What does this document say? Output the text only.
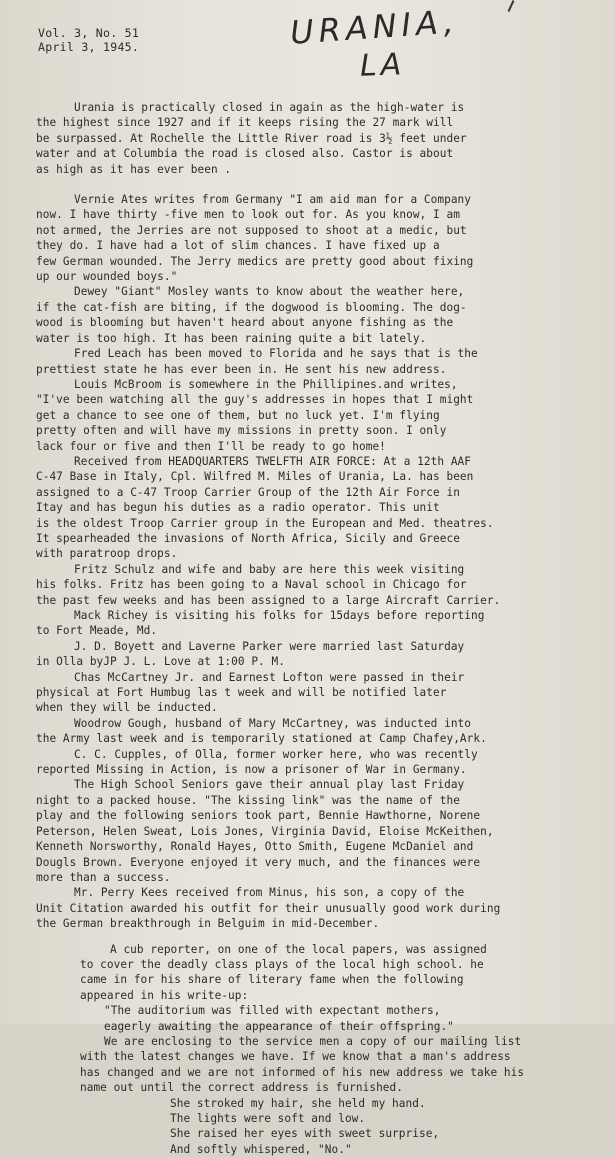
Vol. 3, No. 51
April 3, 1945.	URANIA,
LA

Urania is practically closed in again as the high-water is

the highest since 1927 and if it keeps rising the 27 mark will

be surpassed. At Rochelle the Little River road is 3½ feet under

water and at Columbia the road is closed also. Castor is about

as high as it has ever been .

Vernie Ates writes from Germany "I am aid man for a Company

now. I have thirty -five men to look out for. As you know, I am

not armed, the Jerries are not supposed to shoot at a medic, but

they do. I have had a lot of slim chances. I have fixed up a

few German wounded. The Jerry medics are pretty good about fixing

up our wounded boys."

Dewey "Giant" Mosley wants to know about the weather here,

if the cat-fish are biting, if the dogwood is blooming. The dog-

wood is blooming but haven't heard about anyone fishing as the

water is too high. It has been raining quite a bit lately.

Fred Leach has been moved to Florida and he says that is the

prettiest state he has ever been in. He sent his new address.

Louis McBroom is somewhere in the Phillipines.and writes,

"I've been watching all the guy's addresses in hopes that I might

get a chance to see one of them, but no luck yet. I'm flying

pretty often and will have my missions in pretty soon. I only

lack four or five and then I'll be ready to go home!

Received from HEADQUARTERS TWELFTH AIR FORCE: At a 12th AAF

C-47 Base in Italy, Cpl. Wilfred M. Miles of Urania, La. has been

assigned to a C-47 Troop Carrier Group of the 12th Air Force in

Itay and has begun his duties as a radio operator. This unit

is the oldest Troop Carrier group in the European and Med. theatres.

It spearheaded the invasions of North Africa, Sicily and Greece

with paratroop drops.

Fritz Schulz and wife and baby are here this week visiting

his folks. Fritz has been going to a Naval school in Chicago for

the past few weeks and has been assigned to a large Aircraft Carrier.

Mack Richey is visiting his folks for 15days before reporting

to Fort Meade, Md.

J. D. Boyett and Laverne Parker were married last Saturday

in Olla byJP J. L. Love at 1:00 P. M.

Chas McCartney Jr. and Earnest Lofton were passed in their

physical at Fort Humbug las t week and will be notified later

when they will be inducted.

Woodrow Gough, husband of Mary McCartney, was inducted into

the Army last week and is temporarily stationed at Camp Chafey,Ark.

C. C. Cupples, of Olla, former worker here, who was recently

reported Missing in Action, is now a prisoner of War in Germany.

The High School Seniors gave their annual play last Friday

night to a packed house. "The kissing link" was the name of the

play and the following seniors took part, Bennie Hawthorne, Norene

Peterson, Helen Sweat, Lois Jones, Virginia David, Eloise McKeithen,

Kenneth Norsworthy, Ronald Hayes, Otto Smith, Eugene McDaniel and

Dougls Brown. Everyone enjoyed it very much, and the finances were

more than a success.

Mr. Perry Kees received from Minus, his son, a copy of the

Unit Citation awarded his outfit for their unusually good work during

the German breakthrough in Belguim in mid-December.

A cub reporter, on one of the local papers, was assigned

to cover the deadly class plays of the local high school. he

came in for his share of literary fame when the following

appeared in his write-up:

"The auditorium was filled with expectant mothers,

eagerly awaiting the appearance of their offspring."

We are enclosing to the service men a copy of our mailing list

with the latest changes we have. If we know that a man's address

has changed and we are not informed of his new address we take his

name out until the correct address is furnished.

She stroked my hair, she held my hand.

The lights were soft and low.

She raised her eyes with sweet surprise,

And softly whispered, "No."
